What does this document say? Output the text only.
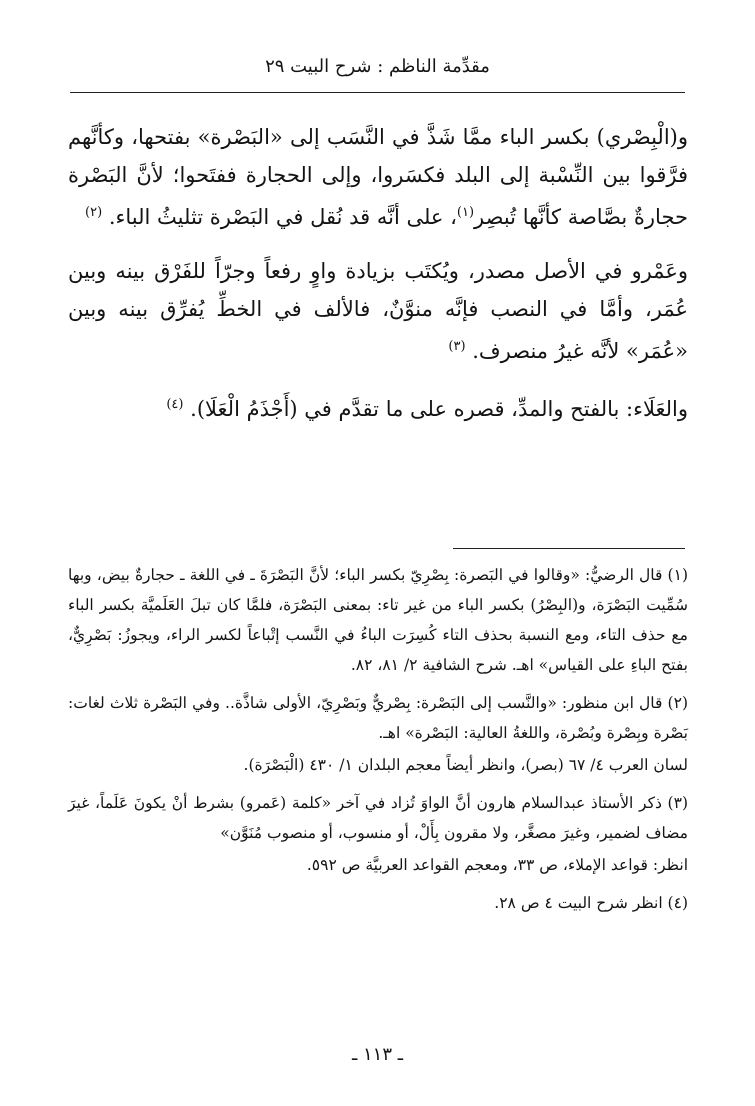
مقدِّمة الناظم : شرح البيت ٢٩

و(الْبِصْري) بكسر الباء ممَّا شَذَّ في النَّسَب إلى «البَصْرة» بفتحها، وكأنَّهم فرَّقوا بين النِّسْبة إلى البلد فكسَروا، وإلى الحجارة ففتَحوا؛ لأنَّ البَصْرة حجارةٌ بصَّاصة كأنَّها تُبصِر$^{(١)}$، على أنَّه قد نُقل في البَصْرة تثليثُ الباء. $^{(٢)}$

وعَمْرو في الأصل مصدر، ويُكتَب بزيادة واوٍ رفعاً وجرّاً للفَرْق بينه وبين عُمَر، وأمَّا في النصب فإنَّه منوَّنٌ، فالألف في الخطِّ يُفرِّق بينه وبين «عُمَر» لأنَّه غيرُ منصرف. $^{(٣)}$

والعَلَاء: بالفتح والمدِّ، قصره على ما تقدَّم في (أَجْذَمُ الْعَلَا). $^{(٤)}$

(١) قال الرضيُّ: «وقالوا في البَصرة: بِصْرِيّ بكسر الباء؛ لأنَّ البَصْرَةَ ـ في اللغة ـ حجارةٌ بيض، وبها سُمِّيت البَصْرَة، و(البِصْرُ) بكسر الباء من غير تاء: بمعنى البَصْرَة، فلمَّا كان تبلَ العَلَميَّة بكسر الباء مع حذف التاء، ومع النسبة بحذف التاء كُسِرَت الباءُ في النَّسب إتْباعاً لكسر الراء، ويجوزُ: بَصْرِيٌّ، بفتح الباءِ على القياس» اهـ. شرح الشافية ٢/ ٨١، ٨٢.

(٢) قال ابن منظور: «والنَّسب إلى البَصْرة: بِصْريٌّ وبَصْرِيّ، الأولى شاذَّة.. وفي البَصْرة ثلاث لغات: بَصْرة وبِصْرة وبُصْرة، واللغةُ العالية: البَصْرة» اهـ.

لسان العرب ٤/ ٦٧ (بصر)، وانظر أيضاً معجم البلدان ١/ ٤٣٠ (الْبَصْرَة).

(٣) ذكر الأستاذ عبدالسلام هارون أنَّ الواوَ تُزاد في آخر «كلمة (عَمرو) بشرط أنْ يكونَ عَلَماً، غيرَ مضاف لضمير، وغيرَ مصغَّر، ولا مقرون بِأَلْ، أو منسوب، أو منصوب مُنَوَّن»

انظر: قواعد الإملاء، ص ٣٣، ومعجم القواعد العربيَّة ص ٥٩٢.

(٤) انظر شرح البيت ٤ ص ٢٨.

ـ ١١٣ ـ
